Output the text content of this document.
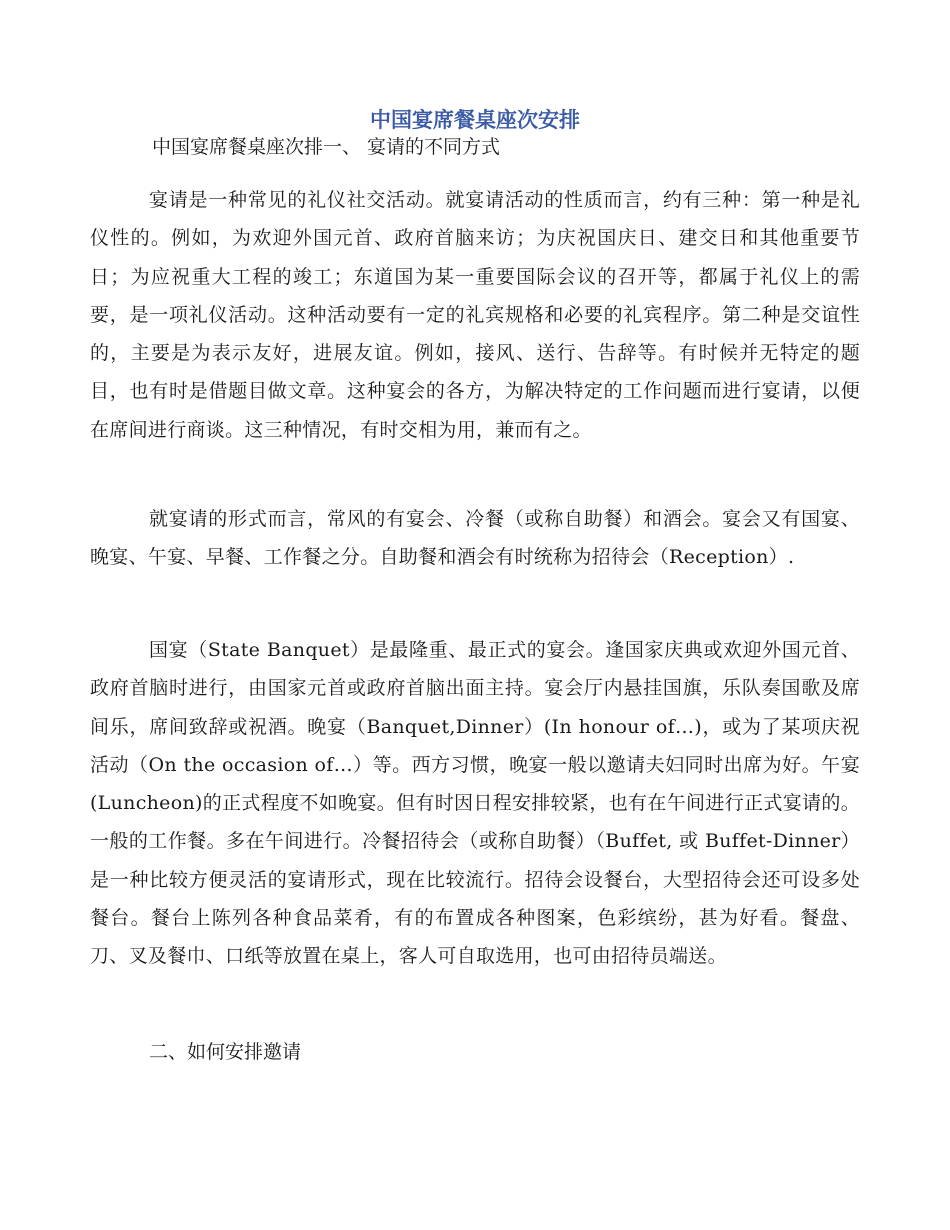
中国宴席餐桌座次安排

中国宴席餐桌座次排一、 宴请的不同方式

宴请是一种常见的礼仪社交活动。就宴请活动的性质而言，约有三种：第一种是礼仪性的。例如，为欢迎外国元首、政府首脑来访；为庆祝国庆日、建交日和其他重要节日；为应祝重大工程的竣工；东道国为某一重要国际会议的召开等，都属于礼仪上的需要，是一项礼仪活动。这种活动要有一定的礼宾规格和必要的礼宾程序。第二种是交谊性的，主要是为表示友好，进展友谊。例如，接风、送行、告辞等。有时候并无特定的题目，也有时是借题目做文章。这种宴会的各方，为解决特定的工作问题而进行宴请，以便在席间进行商谈。这三种情况，有时交相为用，兼而有之。

就宴请的形式而言，常风的有宴会、冷餐（或称自助餐）和酒会。宴会又有国宴、晚宴、午宴、早餐、工作餐之分。自助餐和酒会有时统称为招待会（Reception）.

国宴（State Banquet）是最隆重、最正式的宴会。逢国家庆典或欢迎外国元首、政府首脑时进行，由国家元首或政府首脑出面主持。宴会厅内悬挂国旗，乐队奏国歌及席间乐，席间致辞或祝酒。晚宴（Banquet,Dinner）(In honour of…)，或为了某项庆祝活动（On the occasion of…）等。西方习惯，晚宴一般以邀请夫妇同时出席为好。午宴(Luncheon)的正式程度不如晚宴。但有时因日程安排较紧，也有在午间进行正式宴请的。一般的工作餐。多在午间进行。冷餐招待会（或称自助餐）（Buffet, 或 Buffet-Dinner）是一种比较方便灵活的宴请形式，现在比较流行。招待会设餐台，大型招待会还可设多处餐台。餐台上陈列各种食品菜肴，有的布置成各种图案，色彩缤纷，甚为好看。餐盘、刀、叉及餐巾、口纸等放置在桌上，客人可自取选用，也可由招待员端送。

二、如何安排邀请
